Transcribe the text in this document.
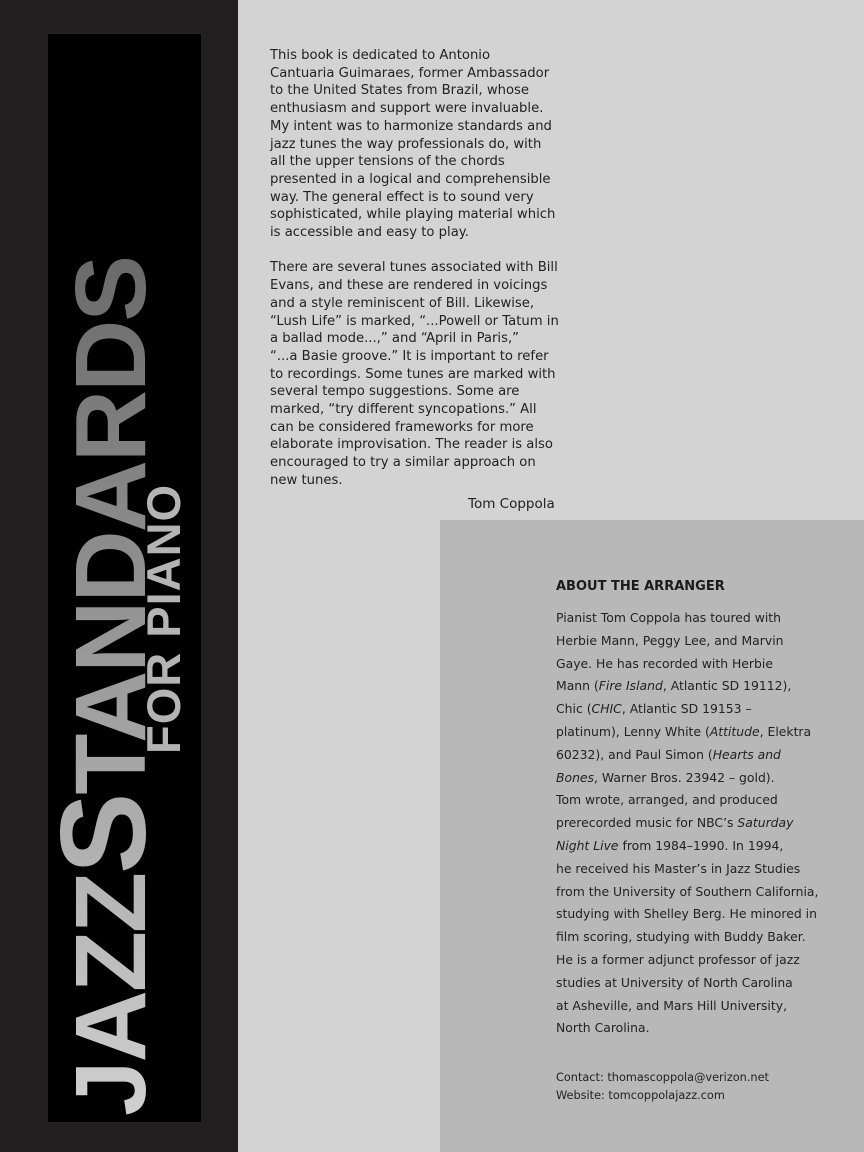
JAZZSTANDARDS
FOR PIANO
This book is dedicated to Antonio
Cantuaria Guimaraes, former Ambassador
to the United States from Brazil, whose
enthusiasm and support were invaluable.
My intent was to harmonize standards and
jazz tunes the way professionals do, with
all the upper tensions of the chords
presented in a logical and comprehensible
way. The general effect is to sound very
sophisticated, while playing material which
is accessible and easy to play.
There are several tunes associated with Bill
Evans, and these are rendered in voicings
and a style reminiscent of Bill. Likewise,
“Lush Life” is marked, “...Powell or Tatum in
a ballad mode...,” and “April in Paris,”
“...a Basie groove.” It is important to refer
to recordings. Some tunes are marked with
several tempo suggestions. Some are
marked, “try different syncopations.” All
can be considered frameworks for more
elaborate improvisation. The reader is also
encouraged to try a similar approach on
new tunes.
Tom Coppola
ABOUT THE ARRANGER
Pianist Tom Coppola has toured with
Herbie Mann, Peggy Lee, and Marvin
Gaye. He has recorded with Herbie
Mann (Fire Island, Atlantic SD 19112),
Chic (CHIC, Atlantic SD 19153 –
platinum), Lenny White (Attitude, Elektra
60232), and Paul Simon (Hearts and
Bones, Warner Bros. 23942 – gold).
Tom wrote, arranged, and produced
prerecorded music for NBC’s Saturday
Night Live from 1984–1990. In 1994,
he received his Master’s in Jazz Studies
from the University of Southern California,
studying with Shelley Berg. He minored in
film scoring, studying with Buddy Baker.
He is a former adjunct professor of jazz
studies at University of North Carolina
at Asheville, and Mars Hill University,
North Carolina.
Contact: thomascoppola@verizon.net
Website: tomcoppolajazz.com
